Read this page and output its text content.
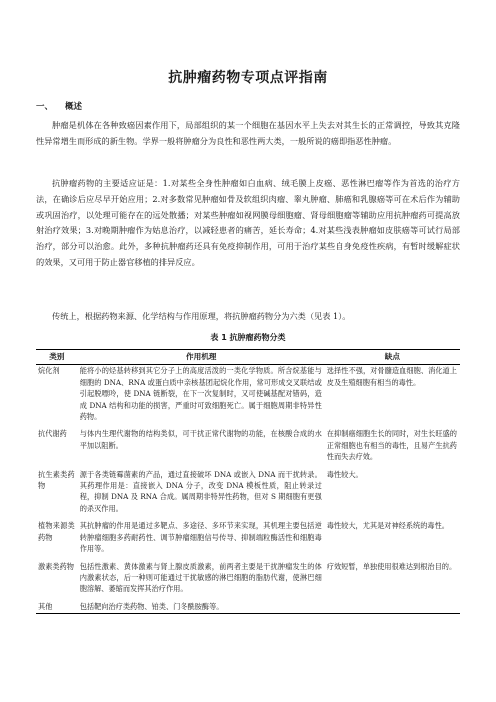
抗肿瘤药物专项点评指南
一、 概述

肿瘤是机体在各种致癌因素作用下，局部组织的某一个细胞在基因水平上失去对其生长的正常调控，导致其克隆性异常增生而形成的新生物。学界一般将肿瘤分为良性和恶性两大类，一般所说的癌即指恶性肿瘤。

抗肿瘤药物的主要适应证是：1.对某些全身性肿瘤如白血病、绒毛膜上皮癌、恶性淋巴瘤等作为首选的治疗方法，在确诊后应尽早开始应用；2.对多数常见肿瘤如骨及软组织肉瘤、睾丸肿瘤、肺癌和乳腺癌等可在术后作为辅助或巩固治疗，以处理可能存在的远处散播；对某些肿瘤如视网膜母细胞瘤、肾母细胞瘤等辅助应用抗肿瘤药可提高放射治疗效果；3.对晚期肿瘤作为姑息治疗，以减轻患者的痛苦，延长寿命；4.对某些浅表肿瘤如皮肤癌等可试行局部治疗，部分可以治愈。此外，多种抗肿瘤药还具有免疫抑制作用，可用于治疗某些自身免疫性疾病，有暂时缓解症状的效果，又可用于防止器官移植的排异反应。

传统上，根据药物来源、化学结构与作用原理，将抗肿瘤药物分为六类（见表 1）。

表 1 抗肿瘤药物分类
类别	作用机理	缺点
烷化剂	能将小的烃基转移到其它分子上的高度活泼的一类化学物质。所含烷基能与细胞的 DNA、RNA 或蛋白质中亲核基团起烷化作用，常可形成交叉联结或引起脱嘌呤，使 DNA 链断裂，在下一次复制时，又可使碱基配对错码，造成 DNA 结构和功能的损害，严重时可致细胞死亡。属于细胞周期非特异性药物。	选择性不强，对骨髓造血细胞、消化道上皮及生殖细胞有相当的毒性。
抗代谢药	与体内生理代谢物的结构类似，可干扰正常代谢物的功能，在核酸合成的水平加以阻断。	在抑制癌细胞生长的同时，对生长旺盛的正常细胞也有相当的毒性，且易产生抗药性而失去疗效。
抗生素类药物	源于各类链霉菌素的产品，通过直接破坏 DNA 或嵌入 DNA 而干扰转录。其药理作用是：直接嵌入 DNA 分子，改变 DNA 模板性质，阻止转录过程，抑制 DNA 及 RNA 合成。属周期非特异性药物，但对 S 期细胞有更强的杀灭作用。	毒性较大。
植物来源类药物	其抗肿瘤的作用是通过多靶点、多途径、多环节来实现，其机理主要包括逆转肿瘤细胞多药耐药性、调节肿瘤细胞信号传导、抑制端粒酶活性和细胞毒作用等。	毒性较大，尤其是对神经系统的毒性。
激素类药物	包括性激素、黄体激素与肾上腺皮质激素，前两者主要是干扰肿瘤发生的体内激素状态，后一种则可能通过干扰敏感的淋巴细胞的脂肪代谢，使淋巴细胞溶解、萎缩而发挥其治疗作用。	疗效短暂，单独使用很难达到根治目的。
其他	包括靶向治疗类药物、铂类、门冬酰胺酶等。	
